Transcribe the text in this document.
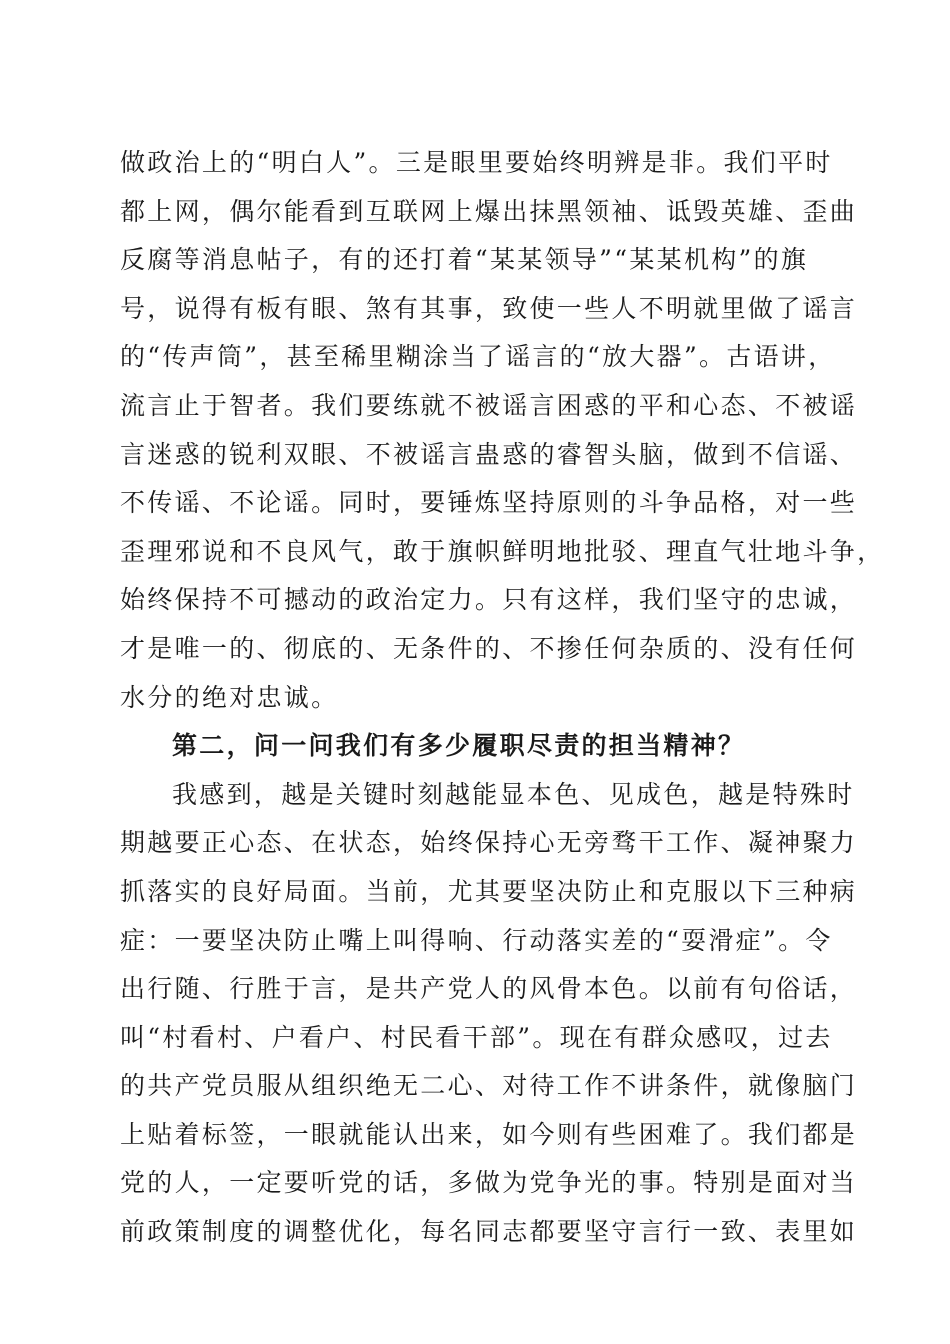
做政治上的“明白人”。三是眼里要始终明辨是非。我们平时
都上网，偶尔能看到互联网上爆出抹黑领袖、诋毁英雄、歪曲
反腐等消息帖子，有的还打着“某某领导”“某某机构”的旗
号，说得有板有眼、煞有其事，致使一些人不明就里做了谣言
的“传声筒”，甚至稀里糊涂当了谣言的“放大器”。古语讲，
流言止于智者。我们要练就不被谣言困惑的平和心态、不被谣
言迷惑的锐利双眼、不被谣言蛊惑的睿智头脑，做到不信谣、
不传谣、不论谣。同时，要锤炼坚持原则的斗争品格，对一些
歪理邪说和不良风气，敢于旗帜鲜明地批驳、理直气壮地斗争，
始终保持不可撼动的政治定力。只有这样，我们坚守的忠诚，
才是唯一的、彻底的、无条件的、不掺任何杂质的、没有任何
水分的绝对忠诚。
第二，问一问我们有多少履职尽责的担当精神？
我感到，越是关键时刻越能显本色、见成色，越是特殊时
期越要正心态、在状态，始终保持心无旁骛干工作、凝神聚力
抓落实的良好局面。当前，尤其要坚决防止和克服以下三种病
症：一要坚决防止嘴上叫得响、行动落实差的“耍滑症”。令
出行随、行胜于言，是共产党人的风骨本色。以前有句俗话，
叫“村看村、户看户、村民看干部”。现在有群众感叹，过去
的共产党员服从组织绝无二心、对待工作不讲条件，就像脑门
上贴着标签，一眼就能认出来，如今则有些困难了。我们都是
党的人，一定要听党的话，多做为党争光的事。特别是面对当
前政策制度的调整优化，每名同志都要坚守言行一致、表里如
